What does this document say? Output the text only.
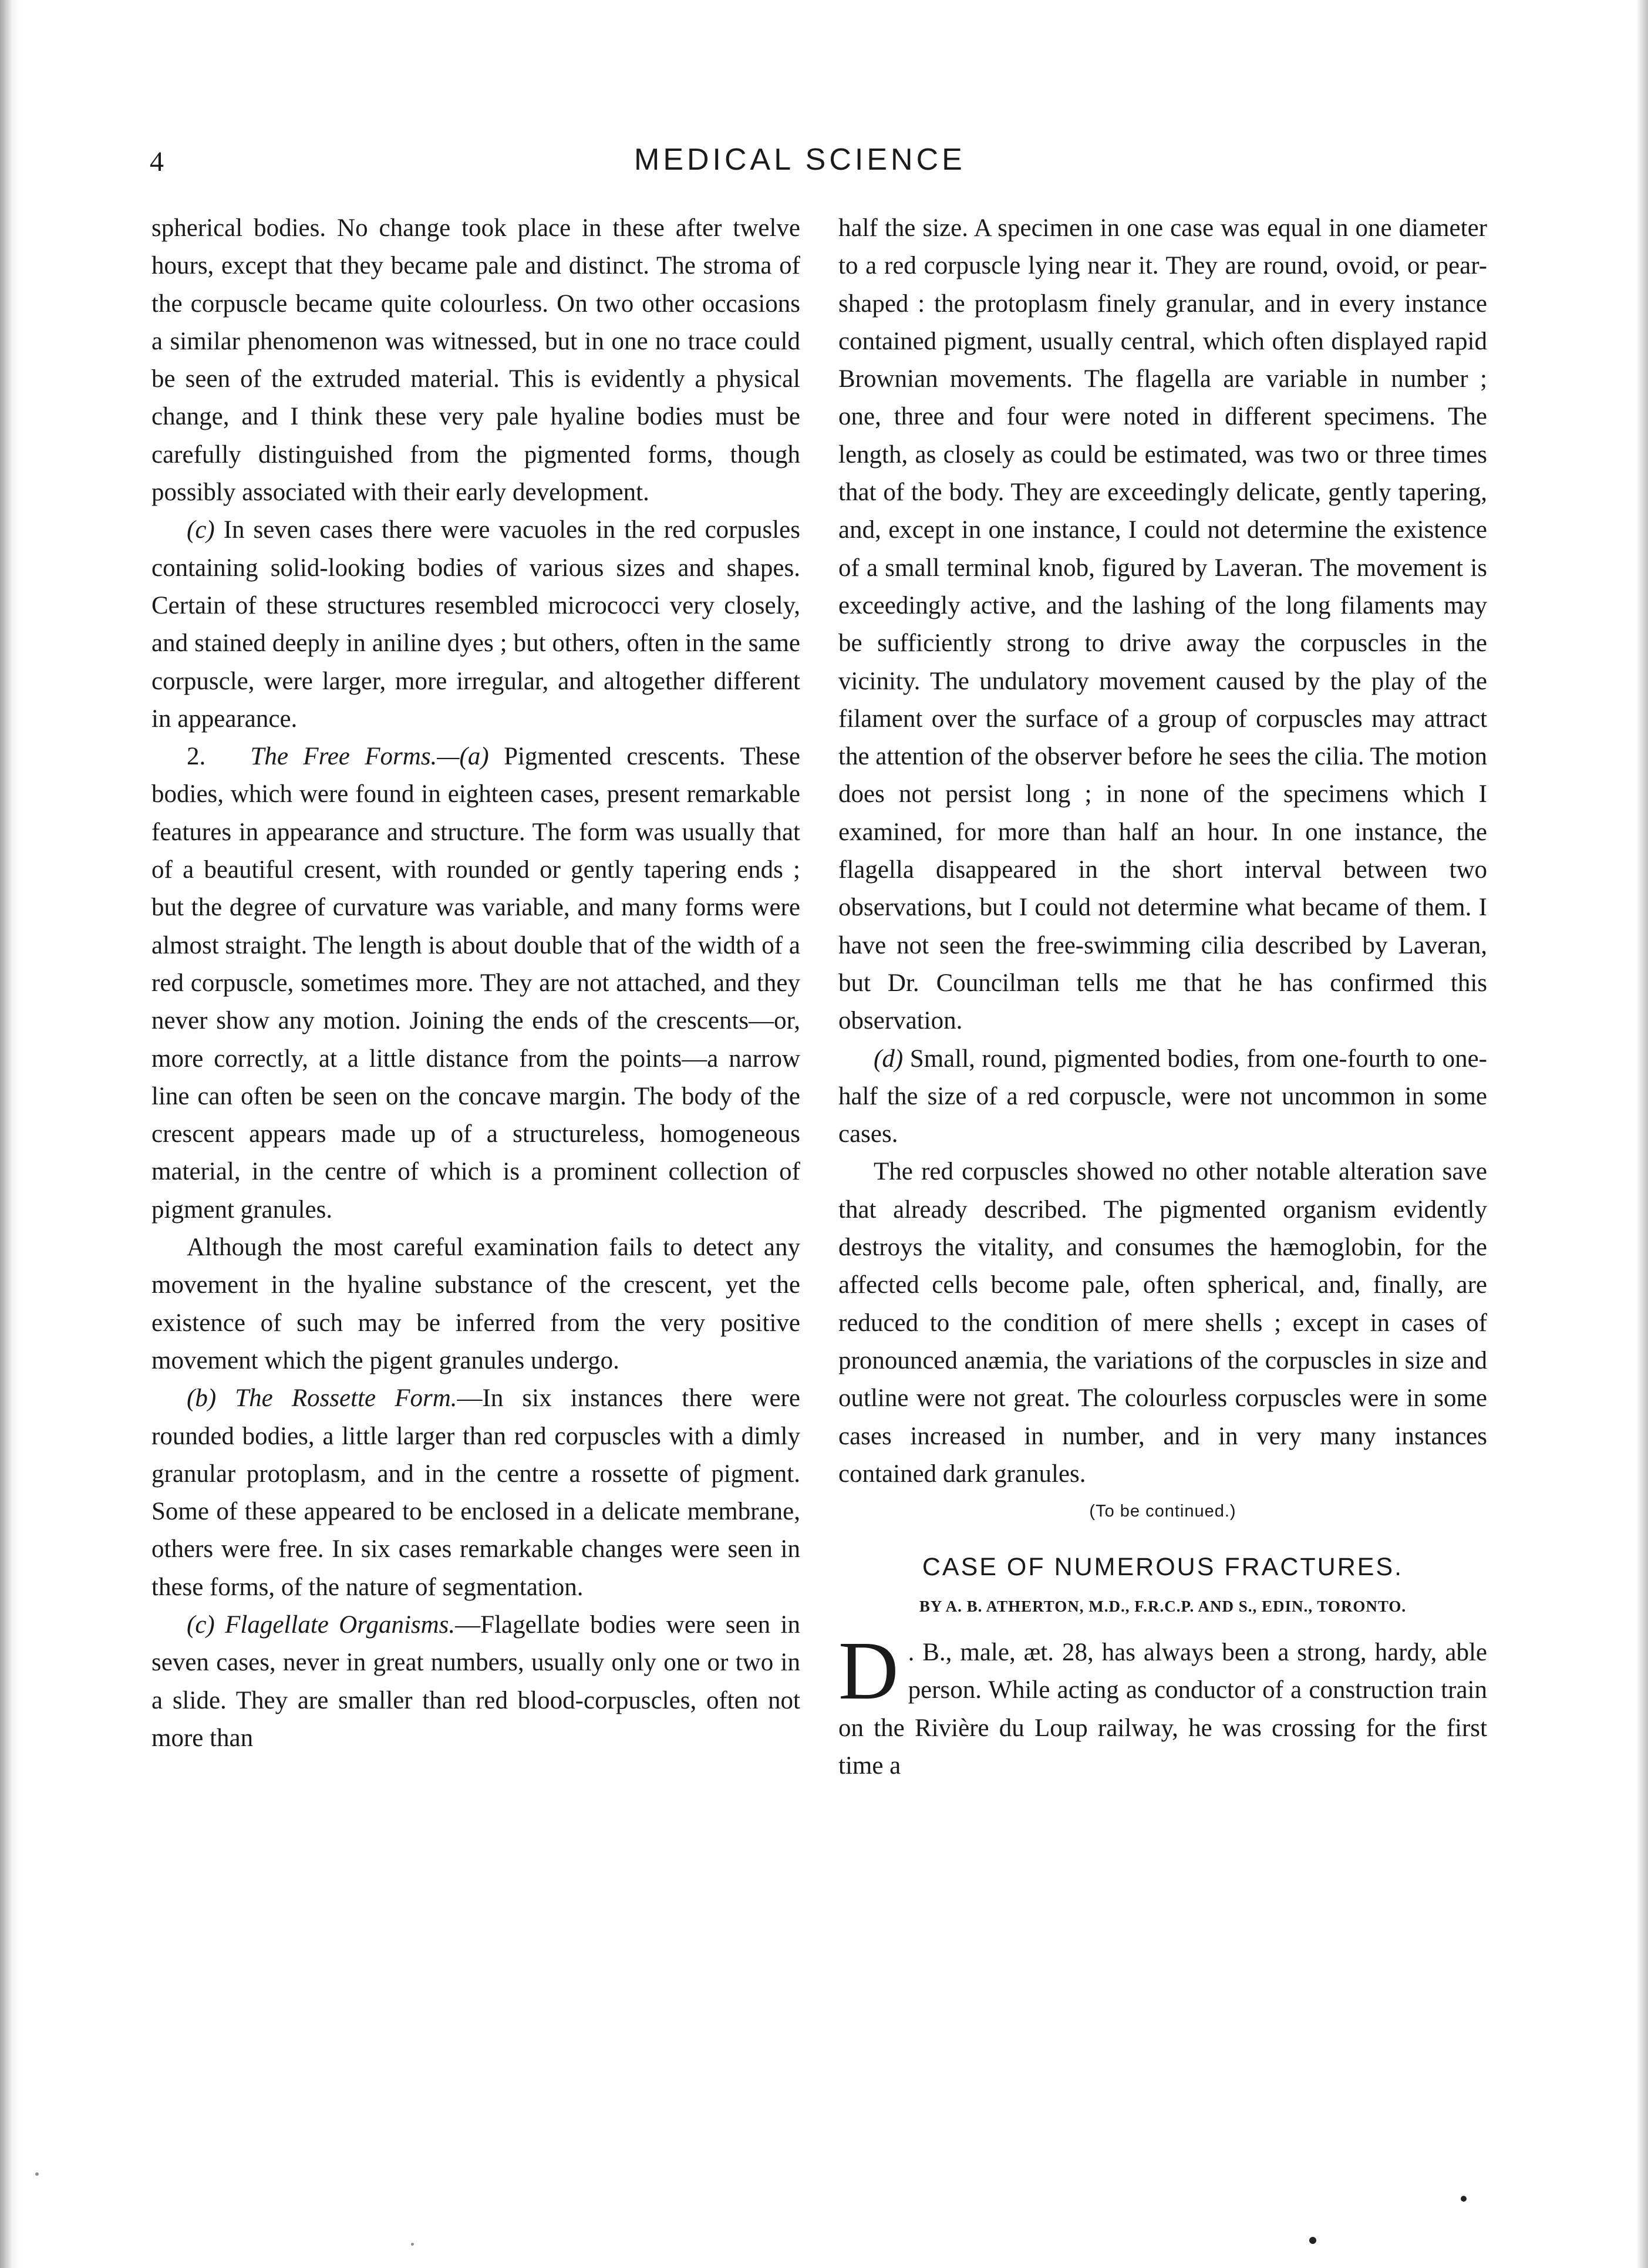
4	MEDICAL SCIENCE

spherical bodies. No change took place in these after twelve hours, except that they became pale and distinct. The stroma of the corpuscle became quite colourless. On two other occasions a similar phenomenon was witnessed, but in one no trace could be seen of the extruded material. This is evidently a physical change, and I think these very pale hyaline bodies must be carefully distinguished from the pigmented forms, though possibly associated with their early development.

(c) In seven cases there were vacuoles in the red corpusles containing solid-looking bodies of various sizes and shapes. Certain of these structures resembled micrococci very closely, and stained deeply in aniline dyes ; but others, often in the same corpuscle, were larger, more irregular, and altogether different in appearance.

2. The Free Forms.—(a) Pigmented crescents. These bodies, which were found in eighteen cases, present remarkable features in appearance and structure. The form was usually that of a beautiful cresent, with rounded or gently tapering ends ; but the degree of curvature was variable, and many forms were almost straight. The length is about double that of the width of a red corpuscle, sometimes more. They are not attached, and they never show any motion. Joining the ends of the crescents—or, more correctly, at a little distance from the points—a narrow line can often be seen on the concave margin. The body of the crescent appears made up of a structureless, homogeneous material, in the centre of which is a prominent collection of pigment granules.

Although the most careful examination fails to detect any movement in the hyaline substance of the crescent, yet the existence of such may be inferred from the very positive movement which the pigent granules undergo.

(b) The Rossette Form.—In six instances there were rounded bodies, a little larger than red corpuscles with a dimly granular protoplasm, and in the centre a rossette of pigment. Some of these appeared to be enclosed in a delicate membrane, others were free. In six cases remarkable changes were seen in these forms, of the nature of segmentation.

(c) Flagellate Organisms.—Flagellate bodies were seen in seven cases, never in great numbers, usually only one or two in a slide. They are smaller than red blood-corpuscles, often not more than

half the size. A specimen in one case was equal in one diameter to a red corpuscle lying near it. They are round, ovoid, or pear-shaped : the protoplasm finely granular, and in every instance contained pigment, usually central, which often displayed rapid Brownian movements. The flagella are variable in number ; one, three and four were noted in different specimens. The length, as closely as could be estimated, was two or three times that of the body. They are exceedingly delicate, gently tapering, and, except in one instance, I could not determine the existence of a small terminal knob, figured by Laveran. The movement is exceedingly active, and the lashing of the long filaments may be sufficiently strong to drive away the corpuscles in the vicinity. The undulatory movement caused by the play of the filament over the surface of a group of corpuscles may attract the attention of the observer before he sees the cilia. The motion does not persist long ; in none of the specimens which I examined, for more than half an hour. In one instance, the flagella disappeared in the short interval between two observations, but I could not determine what became of them. I have not seen the free-swimming cilia described by Laveran, but Dr. Councilman tells me that he has confirmed this observation.

(d) Small, round, pigmented bodies, from one-fourth to one-half the size of a red corpuscle, were not uncommon in some cases.

The red corpuscles showed no other notable alteration save that already described. The pigmented organism evidently destroys the vitality, and consumes the hæmoglobin, for the affected cells become pale, often spherical, and, finally, are reduced to the condition of mere shells ; except in cases of pronounced anæmia, the variations of the corpuscles in size and outline were not great. The colourless corpuscles were in some cases increased in number, and in very many instances contained dark granules.

(To be continued.)
CASE OF NUMEROUS FRACTURES.
BY A. B. ATHERTON, M.D., F.R.C.P. AND S., EDIN., TORONTO.

D . B., male, æt. 28, has always been a strong, hardy, able person. While acting as conductor of a construction train on the Rivière du Loup railway, he was crossing for the first time a
